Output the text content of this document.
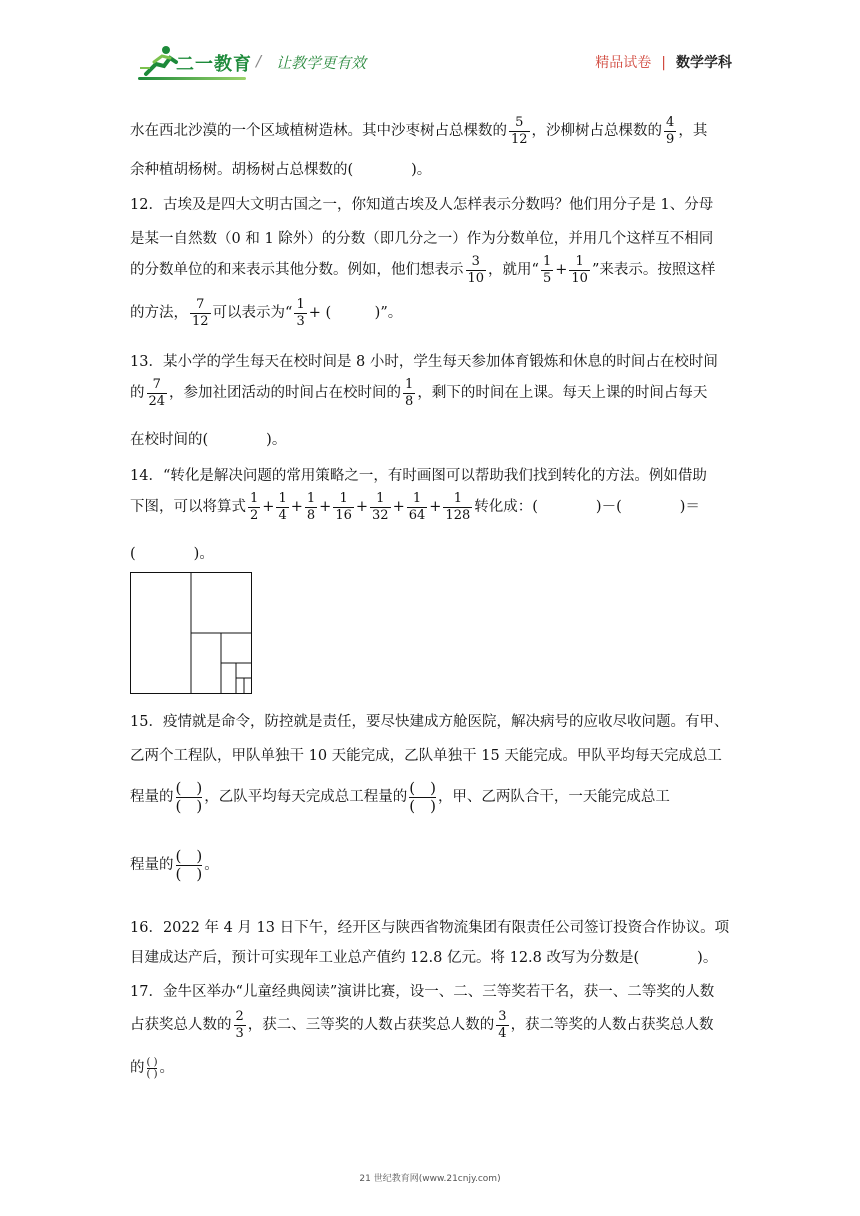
二一教育 / 让教学更有效	精品试卷 | 数学学科
水在西北沙漠的一个区域植树造林。其中沙枣树占总棵数的 $\frac{5}{12}$ ，沙柳树占总棵数的 $\frac{4}{9}$ ，其
余种植胡杨树。胡杨树占总棵数的(　　　　)。
12．古埃及是四大文明古国之一，你知道古埃及人怎样表示分数吗？他们用分子是 1、分母
是某一自然数（0 和 1 除外）的分数（即几分之一）作为分数单位，并用几个这样互不相同
的分数单位的和来表示其他分数。例如，他们想表示 $\frac{3}{10}$ ，就用“ $\frac{1}{5} + \frac{1}{10}$ ”来表示。按照这样
的方法， $\frac{7}{12}$ 可以表示为“ $\frac{1}{3}$ + (　　　)”。
13．某小学的学生每天在校时间是 8 小时，学生每天参加体育锻炼和休息的时间占在校时间
的 $\frac{7}{24}$ ，参加社团活动的时间占在校时间的 $\frac{1}{8}$ ，剩下的时间在上课。每天上课的时间占每天
在校时间的(　　　　)。
14．“转化是解决问题的常用策略之一，有时画图可以帮助我们找到转化的方法。例如借助
下图，可以将算式 $\frac{1}{2} + \frac{1}{4} + \frac{1}{8} + \frac{1}{16} + \frac{1}{32} + \frac{1}{64} + \frac{1}{128}$ 转化成：(　　　　)－(　　　　)＝
(　　　　)。
15．疫情就是命令，防控就是责任，要尽快建成方舱医院，解决病号的应收尽收问题。有甲、
乙两个工程队，甲队单独干 10 天能完成，乙队单独干 15 天能完成。甲队平均每天完成总工
程量的 (　)
(　) ，乙队平均每天完成总工程量的 (　)
(　) ，甲、乙两队合干，一天能完成总工
程量的 (　)
(　) 。
16．2022 年 4 月 13 日下午，经开区与陕西省物流集团有限责任公司签订投资合作协议。项
目建成达产后，预计可实现年工业总产值约 12.8 亿元。将 12.8 改写为分数是(　　　　)。
17．金牛区举办“儿童经典阅读”演讲比赛，设一、二、三等奖若干名，获一、二等奖的人数
占获奖总人数的 $\frac{2}{3}$ ，获二、三等奖的人数占获奖总人数的 $\frac{3}{4}$ ，获二等奖的人数占获奖总人数
的 ( )
( ) 。
21 世纪教育网(www.21cnjy.com)
